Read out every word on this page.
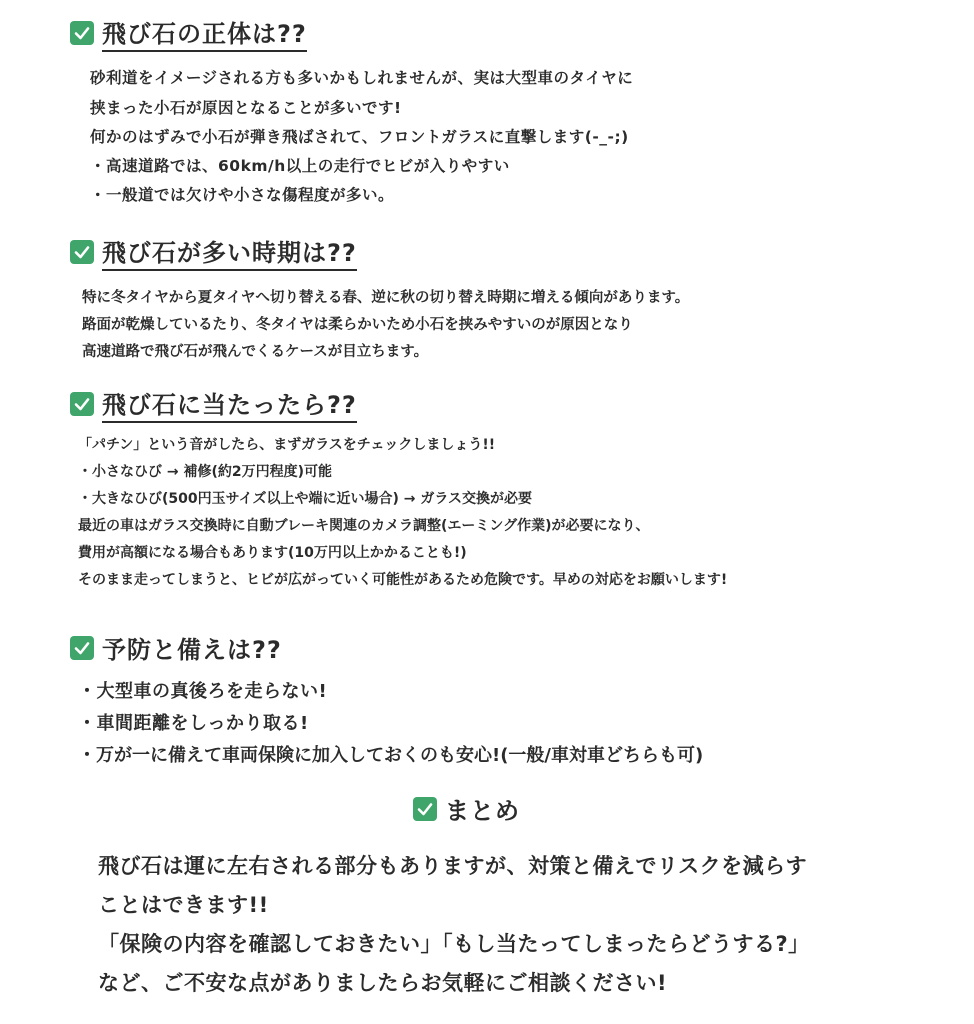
飛び石の正体は??
砂利道をイメージされる方も多いかもしれませんが、実は大型車のタイヤに
挟まった小石が原因となることが多いです!
何かのはずみで小石が弾き飛ばされて、フロントガラスに直撃します(-_-;)
・高速道路では、60km/h以上の走行でヒビが入りやすい
・一般道では欠けや小さな傷程度が多い。
飛び石が多い時期は??
特に冬タイヤから夏タイヤへ切り替える春、逆に秋の切り替え時期に増える傾向があります。
路面が乾燥しているたり、冬タイヤは柔らかいため小石を挟みやすいのが原因となり
高速道路で飛び石が飛んでくるケースが目立ちます。
飛び石に当たったら??
「パチン」という音がしたら、まずガラスをチェックしましょう!!
・小さなひび → 補修(約2万円程度)可能
・大きなひび(500円玉サイズ以上や端に近い場合) → ガラス交換が必要
最近の車はガラス交換時に自動ブレーキ関連のカメラ調整(エーミング作業)が必要になり、
費用が高額になる場合もあります(10万円以上かかることも!)
そのまま走ってしまうと、ヒビが広がっていく可能性があるため危険です。早めの対応をお願いします!
予防と備えは??
・大型車の真後ろを走らない!
・車間距離をしっかり取る!
・万が一に備えて車両保険に加入しておくのも安心!(一般/車対車どちらも可)
まとめ
飛び石は運に左右される部分もありますが、対策と備えでリスクを減らす
ことはできます!!
「保険の内容を確認しておきたい」「もし当たってしまったらどうする?」
など、ご不安な点がありましたらお気軽にご相談ください!
